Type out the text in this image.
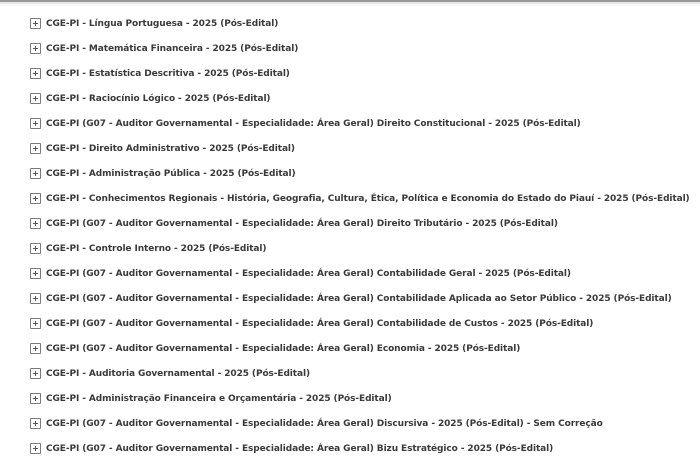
CGE-PI - Língua Portuguesa - 2025 (Pós-Edital)
CGE-PI - Matemática Financeira - 2025 (Pós-Edital)
CGE-PI - Estatística Descritiva - 2025 (Pós-Edital)
CGE-PI - Raciocínio Lógico - 2025 (Pós-Edital)
CGE-PI (G07 - Auditor Governamental - Especialidade: Área Geral) Direito Constitucional - 2025 (Pós-Edital)
CGE-PI - Direito Administrativo - 2025 (Pós-Edital)
CGE-PI - Administração Pública - 2025 (Pós-Edital)
CGE-PI - Conhecimentos Regionais - História, Geografia, Cultura, Ética, Política e Economia do Estado do Piauí - 2025 (Pós-Edital)
CGE-PI (G07 - Auditor Governamental - Especialidade: Área Geral) Direito Tributário - 2025 (Pós-Edital)
CGE-PI - Controle Interno - 2025 (Pós-Edital)
CGE-PI (G07 - Auditor Governamental - Especialidade: Área Geral) Contabilidade Geral - 2025 (Pós-Edital)
CGE-PI (G07 - Auditor Governamental - Especialidade: Área Geral) Contabilidade Aplicada ao Setor Público - 2025 (Pós-Edital)
CGE-PI (G07 - Auditor Governamental - Especialidade: Área Geral) Contabilidade de Custos - 2025 (Pós-Edital)
CGE-PI (G07 - Auditor Governamental - Especialidade: Área Geral) Economia - 2025 (Pós-Edital)
CGE-PI - Auditoria Governamental - 2025 (Pós-Edital)
CGE-PI - Administração Financeira e Orçamentária - 2025 (Pós-Edital)
CGE-PI (G07 - Auditor Governamental - Especialidade: Área Geral) Discursiva - 2025 (Pós-Edital) - Sem Correção
CGE-PI (G07 - Auditor Governamental - Especialidade: Área Geral) Bizu Estratégico - 2025 (Pós-Edital)
